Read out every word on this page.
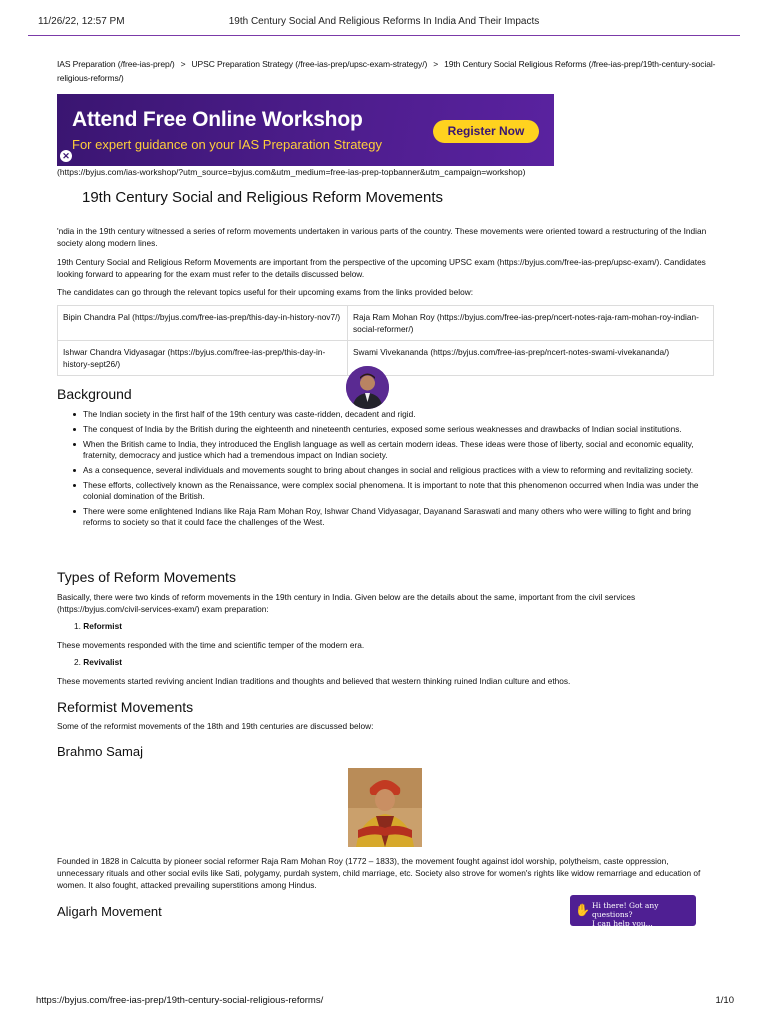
11/26/22, 12:57 PM	19th Century Social And Religious Reforms In India And Their Impacts
IAS Preparation (/free-ias-prep/) > UPSC Preparation Strategy (/free-ias-prep/upsc-exam-strategy/) > 19th Century Social Religious Reforms (/free-ias-prep/19th-century-social-religious-reforms/)
Attend Free Online Workshop
For expert guidance on your IAS Preparation Strategy
Register Now
✕
(https://byjus.com/ias-workshop/?utm_source=byjus.com&utm_medium=free-ias-prep-topbanner&utm_campaign=workshop)
19th Century Social and Religious Reform Movements
'ndia in the 19th century witnessed a series of reform movements undertaken in various parts of the country. These movements were oriented toward a restructuring of the Indian society along modern lines.
19th Century Social and Religious Reform Movements are important from the perspective of the upcoming UPSC exam (https://byjus.com/free-ias-prep/upsc-exam/). Candidates looking forward to appearing for the exam must refer to the details discussed below.
The candidates can go through the relevant topics useful for their upcoming exams from the links provided below:
Bipin Chandra Pal (https://byjus.com/free-ias-prep/this-day-in-history-nov7/)	Raja Ram Mohan Roy (https://byjus.com/free-ias-prep/ncert-notes-raja-ram-mohan-roy-indian-social-reformer/)
Ishwar Chandra Vidyasagar (https://byjus.com/free-ias-prep/this-day-in-history-sept26/)	Swami Vivekananda (https://byjus.com/free-ias-prep/ncert-notes-swami-vivekananda/)
Background
The Indian society in the first half of the 19th century was caste-ridden, decadent and rigid.
The conquest of India by the British during the eighteenth and nineteenth centuries, exposed some serious weaknesses and drawbacks of Indian social institutions.
When the British came to India, they introduced the English language as well as certain modern ideas. These ideas were those of liberty, social and economic equality, fraternity, democracy and justice which had a tremendous impact on Indian society.
As a consequence, several individuals and movements sought to bring about changes in social and religious practices with a view to reforming and revitalizing society.
These efforts, collectively known as the Renaissance, were complex social phenomena. It is important to note that this phenomenon occurred when India was under the colonial domination of the British.
There were some enlightened Indians like Raja Ram Mohan Roy, Ishwar Chand Vidyasagar, Dayanand Saraswati and many others who were willing to fight and bring reforms to society so that it could face the challenges of the West.
Types of Reform Movements
Basically, there were two kinds of reform movements in the 19th century in India. Given below are the details about the same, important from the civil services (https://byjus.com/civil-services-exam/) exam preparation:
1. Reformist
These movements responded with the time and scientific temper of the modern era.
2. Revivalist
These movements started reviving ancient Indian traditions and thoughts and believed that western thinking ruined Indian culture and ethos.
Reformist Movements
Some of the reformist movements of the 18th and 19th centuries are discussed below:
Brahmo Samaj
Founded in 1828 in Calcutta by pioneer social reformer Raja Ram Mohan Roy (1772 – 1833), the movement fought against idol worship, polytheism, caste oppression, unnecessary rituals and other social evils like Sati, polygamy, purdah system, child marriage, etc. Society also strove for women's rights like widow remarriage and education of women. It also fought, attacked prevailing superstitions among Hindus.
Aligarh Movement	✋ Hi there! Got any questions?
I can help you...
https://byjus.com/free-ias-prep/19th-century-social-religious-reforms/	1/10
